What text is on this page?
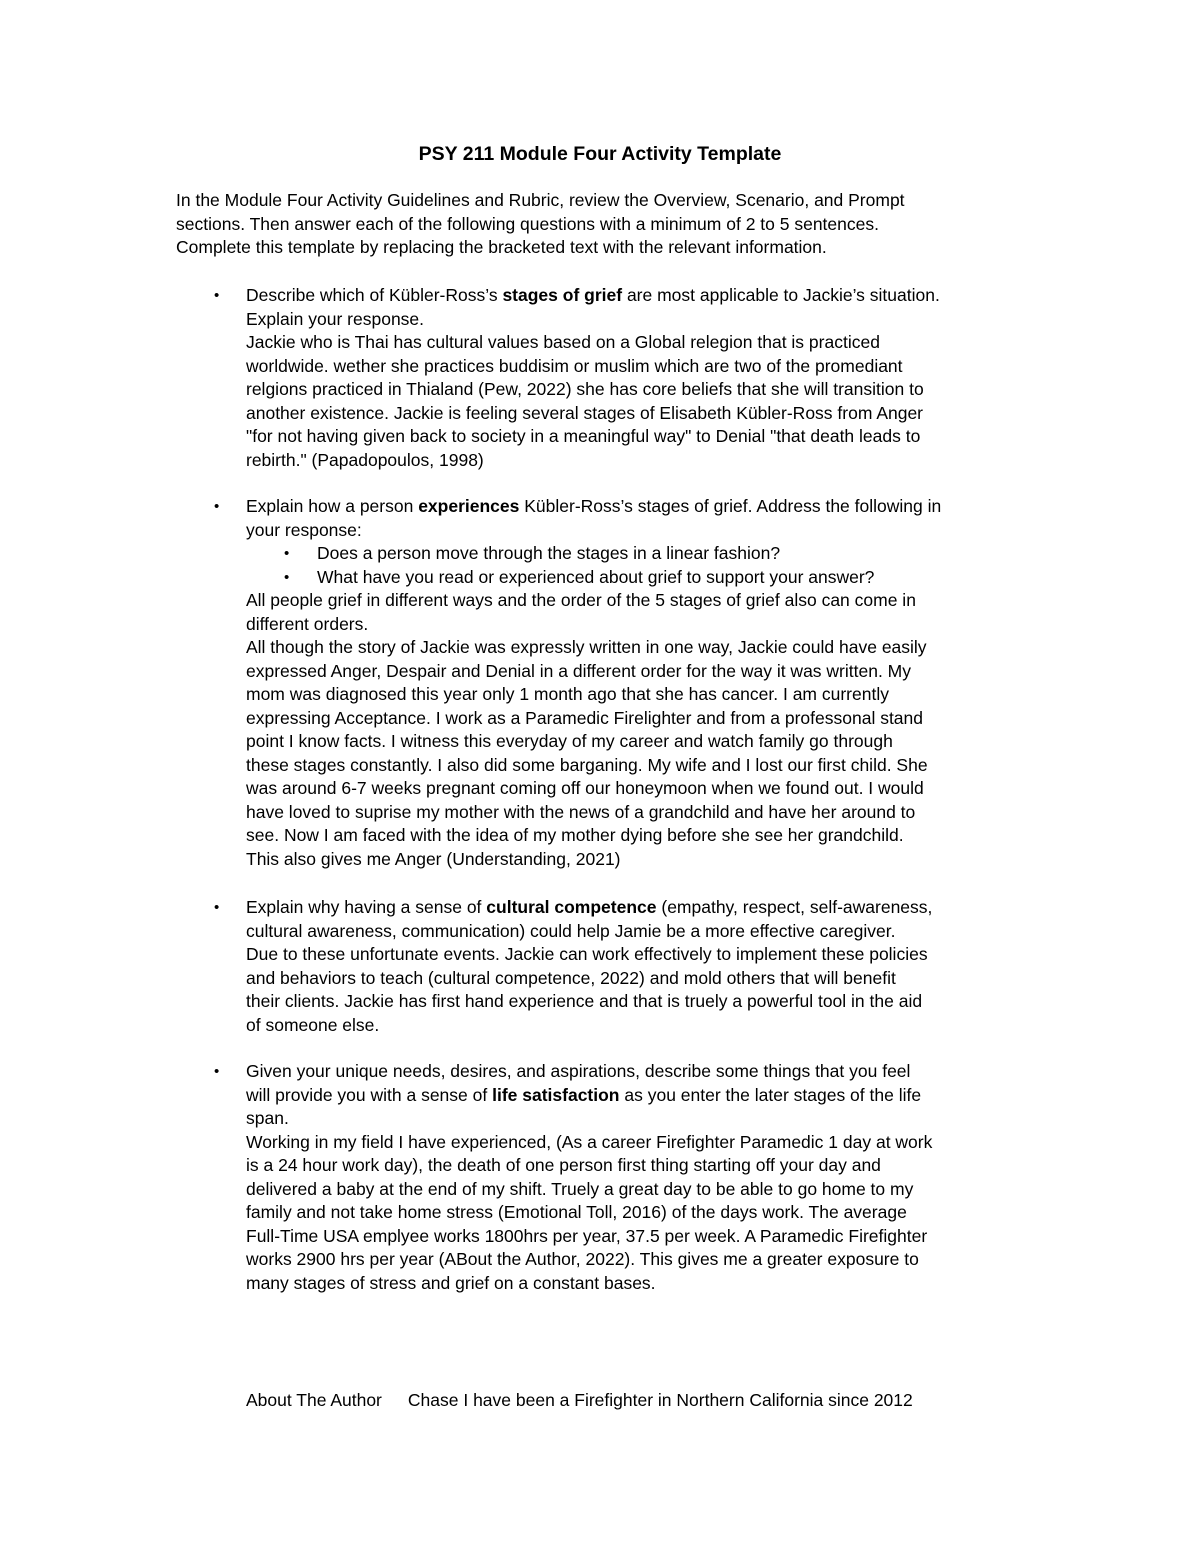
PSY 211 Module Four Activity Template
In the Module Four Activity Guidelines and Rubric, review the Overview, Scenario, and Prompt
sections. Then answer each of the following questions with a minimum of 2 to 5 sentences.
Complete this template by replacing the bracketed text with the relevant information.
• Describe which of Kübler-Ross’s stages of grief are most applicable to Jackie’s situation.
Explain your response.
Jackie who is Thai has cultural values based on a Global relegion that is practiced
worldwide. wether she practices buddisim or muslim which are two of the promediant
relgions practiced in Thialand (Pew, 2022) she has core beliefs that she will transition to
another existence. Jackie is feeling several stages of Elisabeth Kübler-Ross from Anger
"for not having given back to society in a meaningful way" to Denial "that death leads to
rebirth." (Papadopoulos, 1998)
• Explain how a person experiences Kübler-Ross’s stages of grief. Address the following in
your response:
• Does a person move through the stages in a linear fashion?
• What have you read or experienced about grief to support your answer?
All people grief in different ways and the order of the 5 stages of grief also can come in
different orders.
All though the story of Jackie was expressly written in one way, Jackie could have easily
expressed Anger, Despair and Denial in a different order for the way it was written. My
mom was diagnosed this year only 1 month ago that she has cancer. I am currently
expressing Acceptance. I work as a Paramedic Firelighter and from a professonal stand
point I know facts. I witness this everyday of my career and watch family go through
these stages constantly. I also did some barganing. My wife and I lost our first child. She
was around 6-7 weeks pregnant coming off our honeymoon when we found out. I would
have loved to suprise my mother with the news of a grandchild and have her around to
see. Now I am faced with the idea of my mother dying before she see her grandchild.
This also gives me Anger (Understanding, 2021)
• Explain why having a sense of cultural competence (empathy, respect, self-awareness,
cultural awareness, communication) could help Jamie be a more effective caregiver.
Due to these unfortunate events. Jackie can work effectively to implement these policies
and behaviors to teach (cultural competence, 2022) and mold others that will benefit
their clients. Jackie has first hand experience and that is truely a powerful tool in the aid
of someone else.
• Given your unique needs, desires, and aspirations, describe some things that you feel
will provide you with a sense of life satisfaction as you enter the later stages of the life
span.
Working in my field I have experienced, (As a career Firefighter Paramedic 1 day at work
is a 24 hour work day), the death of one person first thing starting off your day and
delivered a baby at the end of my shift. Truely a great day to be able to go home to my
family and not take home stress (Emotional Toll, 2016) of the days work. The average
Full-Time USA emplyee works 1800hrs per year, 37.5 per week. A Paramedic Firefighter
works 2900 hrs per year (ABout the Author, 2022). This gives me a greater exposure to
many stages of stress and grief on a constant bases.
About The Author Chase I have been a Firefighter in Northern California since 2012
